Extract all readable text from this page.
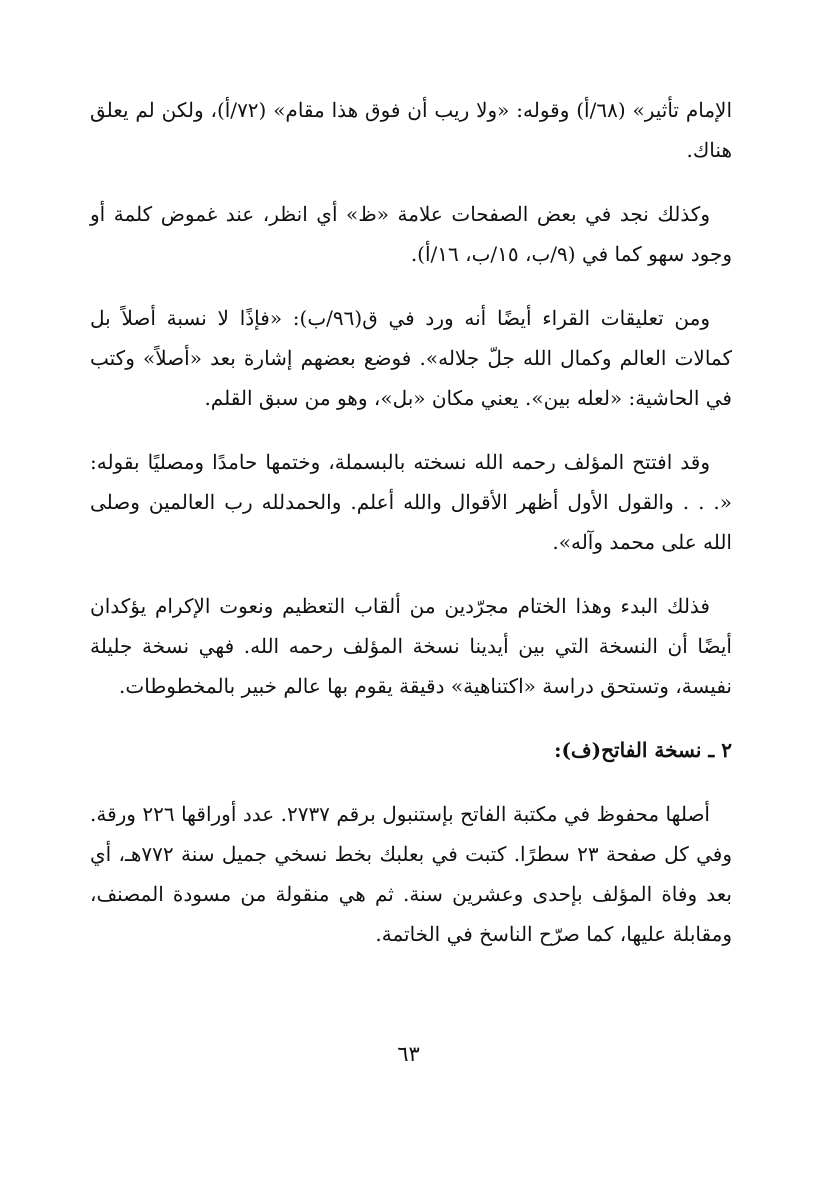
الإمام تأثير» (٦٨/أ) وقوله: «ولا ريب أن فوق هذا مقام» (٧٢/أ)، ولكن لم يعلق هناك.

وكذلك نجد في بعض الصفحات علامة «ظ» أي انظر، عند غموض كلمة أو وجود سهو كما في (٩/ب، ١٥/ب، ١٦/أ).

ومن تعليقات القراء أيضًا أنه ورد في ق(٩٦/ب): «فإذًا لا نسبة أصلاً بل كمالات العالم وكمال الله جلّ جلاله». فوضع بعضهم إشارة بعد «أصلاً» وكتب في الحاشية: «لعله بين». يعني مكان «بل»، وهو من سبق القلم.

وقد افتتح المؤلف رحمه الله نسخته بالبسملة، وختمها حامدًا ومصليًا بقوله: «. . . والقول الأول أظهر الأقوال والله أعلم. والحمدلله رب العالمين وصلى الله على محمد وآله».

فذلك البدء وهذا الختام مجرّدين من ألقاب التعظيم ونعوت الإكرام يؤكدان أيضًا أن النسخة التي بين أيدينا نسخة المؤلف رحمه الله. فهي نسخة جليلة نفيسة، وتستحق دراسة «اكتناهية» دقيقة يقوم بها عالم خبير بالمخطوطات.

٢ ـ نسخة الفاتح(ف):

أصلها محفوظ في مكتبة الفاتح بإستنبول برقم ٢٧٣٧. عدد أوراقها ٢٢٦ ورقة. وفي كل صفحة ٢٣ سطرًا. كتبت في بعلبك بخط نسخي جميل سنة ٧٧٢هـ، أي بعد وفاة المؤلف بإحدى وعشرين سنة. ثم هي منقولة من مسودة المصنف، ومقابلة عليها، كما صرّح الناسخ في الخاتمة.

٦٣
